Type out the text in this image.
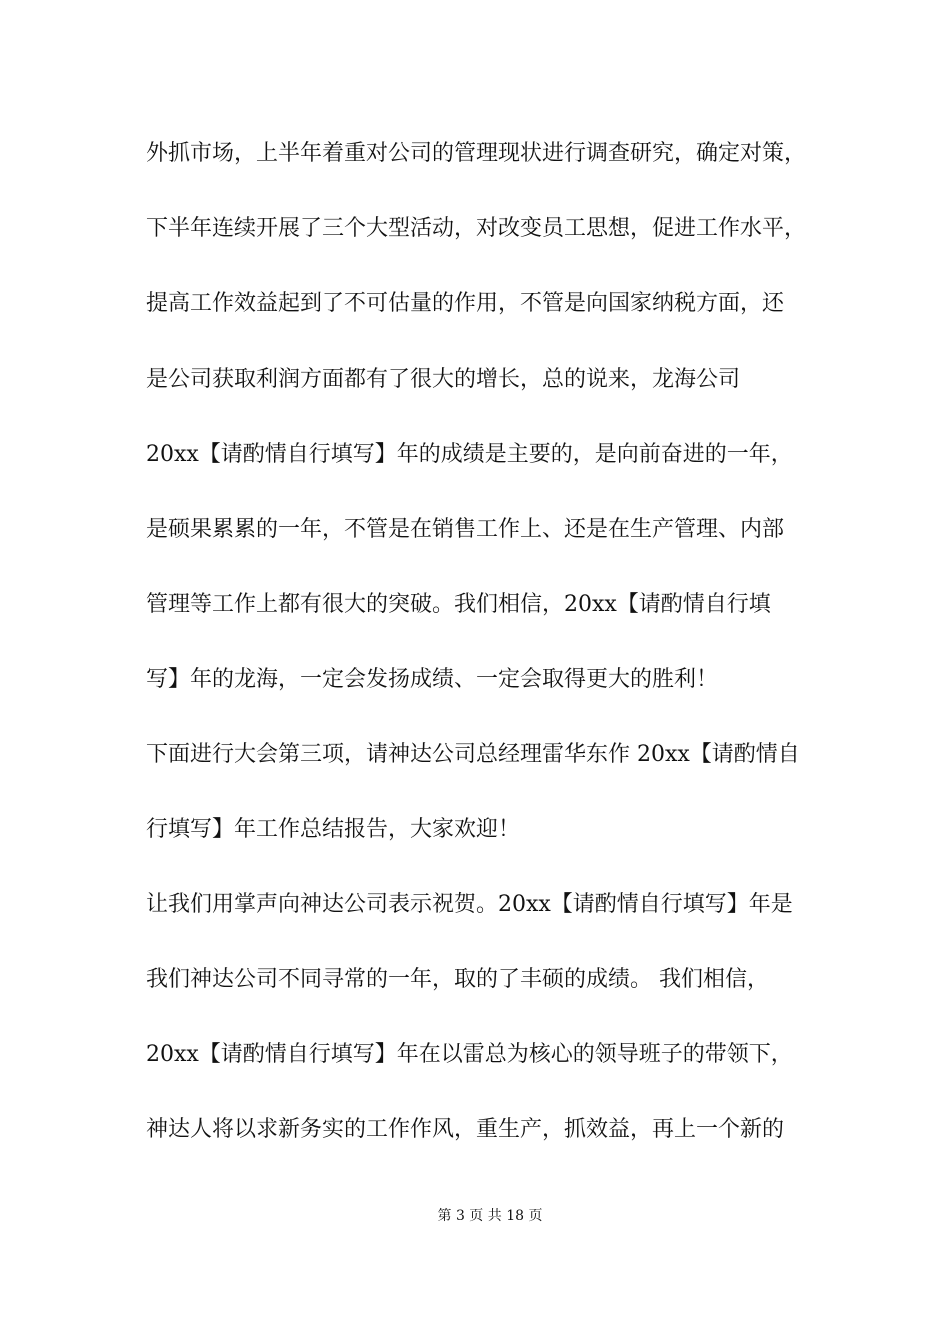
外抓市场，上半年着重对公司的管理现状进行调查研究，确定对策，
下半年连续开展了三个大型活动，对改变员工思想，促进工作水平，
提高工作效益起到了不可估量的作用，不管是向国家纳税方面，还
是公司获取利润方面都有了很大的增长，总的说来，龙海公司
20xx【请酌情自行填写】年的成绩是主要的，是向前奋进的一年，
是硕果累累的一年，不管是在销售工作上、还是在生产管理、内部
管理等工作上都有很大的突破。我们相信，20xx【请酌情自行填
写】年的龙海，一定会发扬成绩、一定会取得更大的胜利！
下面进行大会第三项，请神达公司总经理雷华东作 20xx【请酌情自
行填写】年工作总结报告，大家欢迎！
让我们用掌声向神达公司表示祝贺。20xx【请酌情自行填写】年是
我们神达公司不同寻常的一年，取的了丰硕的成绩。 我们相信，
20xx【请酌情自行填写】年在以雷总为核心的领导班子的带领下，
神达人将以求新务实的工作作风，重生产，抓效益，再上一个新的
第 3 页 共 18 页
